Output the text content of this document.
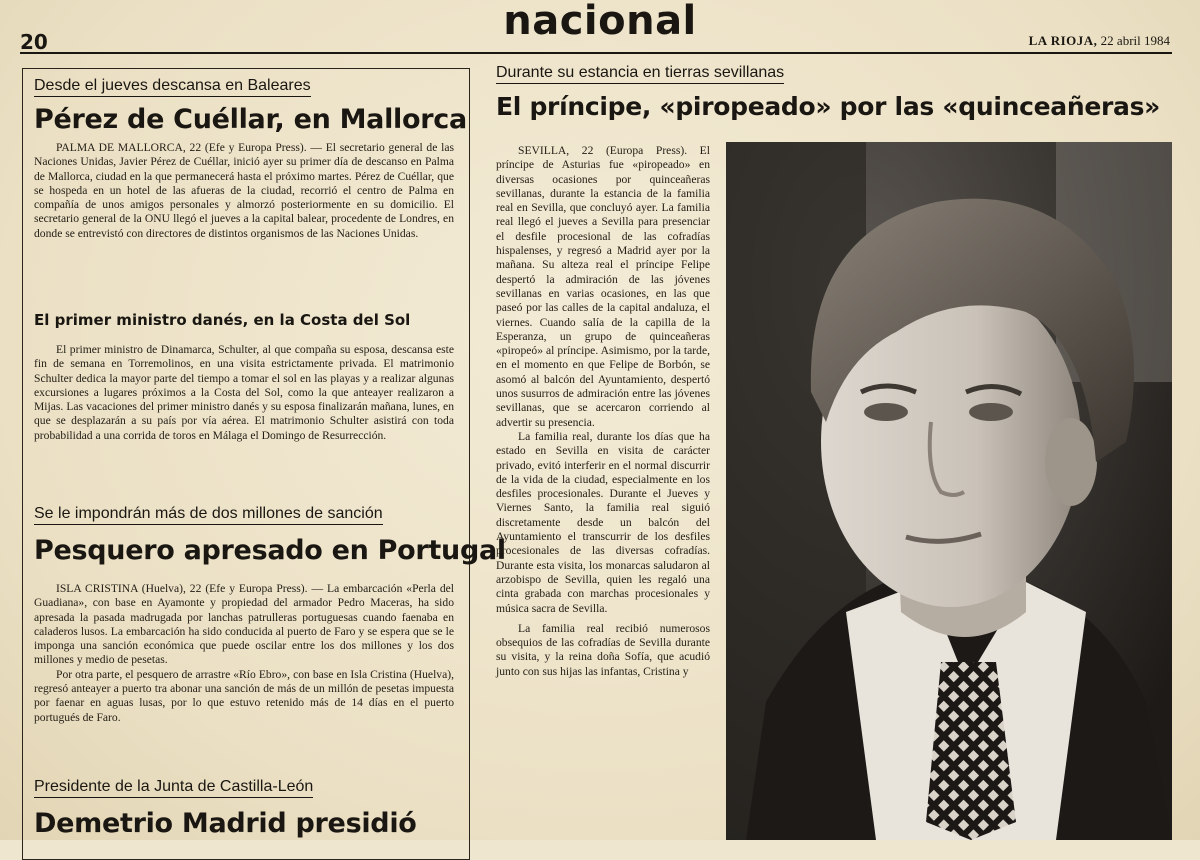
20	nacional	LA RIOJA, 22 abril 1984
Desde el jueves descansa en Baleares
Pérez de Cuéllar, en Mallorca

PALMA DE MALLORCA, 22 (Efe y Europa Press). — El secretario general de las Naciones Unidas, Javier Pérez de Cuéllar, inició ayer su primer día de descanso en Palma de Mallorca, ciudad en la que permanecerá hasta el próximo martes. Pérez de Cuéllar, que se hospeda en un hotel de las afueras de la ciudad, recorrió el centro de Palma en compañía de unos amigos personales y almorzó posteriormente en su domicilio. El secretario general de la ONU llegó el jueves a la capital balear, procedente de Londres, en donde se entrevistó con directores de distintos organismos de las Naciones Unidas.

El primer ministro danés, en la Costa del Sol

El primer ministro de Dinamarca, Schulter, al que compaña su esposa, descansa este fin de semana en Torremolinos, en una visita estrictamente privada. El matrimonio Schulter dedica la mayor parte del tiempo a tomar el sol en las playas y a realizar algunas excursiones a lugares próximos a la Costa del Sol, como la que anteayer realizaron a Mijas. Las vacaciones del primer ministro danés y su esposa finalizarán mañana, lunes, en que se desplazarán a su país por vía aérea. El matrimonio Schulter asistirá con toda probabilidad a una corrida de toros en Málaga el Domingo de Resurrección.

Se le impondrán más de dos millones de sanción
Pesquero apresado en Portugal

ISLA CRISTINA (Huelva), 22 (Efe y Europa Press). — La embarcación «Perla del Guadiana», con base en Ayamonte y propiedad del armador Pedro Maceras, ha sido apresada la pasada madrugada por lanchas patrulleras portuguesas cuando faenaba en caladeros lusos. La embarcación ha sido conducida al puerto de Faro y se espera que se le imponga una sanción económica que puede oscilar entre los dos millones y los dos millones y medio de pesetas.

Por otra parte, el pesquero de arrastre «Río Ebro», con base en Isla Cristina (Huelva), regresó anteayer a puerto tra abonar una sanción de más de un millón de pesetas impuesta por faenar en aguas lusas, por lo que estuvo retenido más de 14 días en el puerto portugués de Faro.

Presidente de la Junta de Castilla-León
Demetrio Madrid presidió
Durante su estancia en tierras sevillanas
El príncipe, «piropeado» por las «quinceañeras»

SEVILLA, 22 (Europa Press). El príncipe de Asturias fue «piropeado» en diversas ocasiones por quinceañeras sevillanas, durante la estancia de la familia real en Sevilla, que concluyó ayer. La familia real llegó el jueves a Sevilla para presenciar el desfile procesional de las cofradías hispalenses, y regresó a Madrid ayer por la mañana. Su alteza real el príncipe Felipe despertó la admiración de las jóvenes sevillanas en varias ocasiones, en las que paseó por las calles de la capital andaluza, el viernes. Cuando salía de la capilla de la Esperanza, un grupo de quinceañeras «piropeó» al príncipe. Asimismo, por la tarde, en el momento en que Felipe de Borbón, se asomó al balcón del Ayuntamiento, despertó unos susurros de admiración entre las jóvenes sevillanas, que se acercaron corriendo al advertir su presencia.

La familia real, durante los días que ha estado en Sevilla en visita de carácter privado, evitó interferir en el normal discurrir de la vida de la ciudad, especialmente en los desfiles procesionales. Durante el Jueves y Viernes Santo, la familia real siguió discretamente desde un balcón del Ayuntamiento el transcurrir de los desfiles procesionales de las diversas cofradías. Durante esta visita, los monarcas saludaron al arzobispo de Sevilla, quien les regaló una cinta grabada con marchas procesionales y música sacra de Sevilla.

La familia real recibió numerosos obsequios de las cofradías de Sevilla durante su visita, y la reina doña Sofía, que acudió junto con sus hijas las infantas, Cristina y
